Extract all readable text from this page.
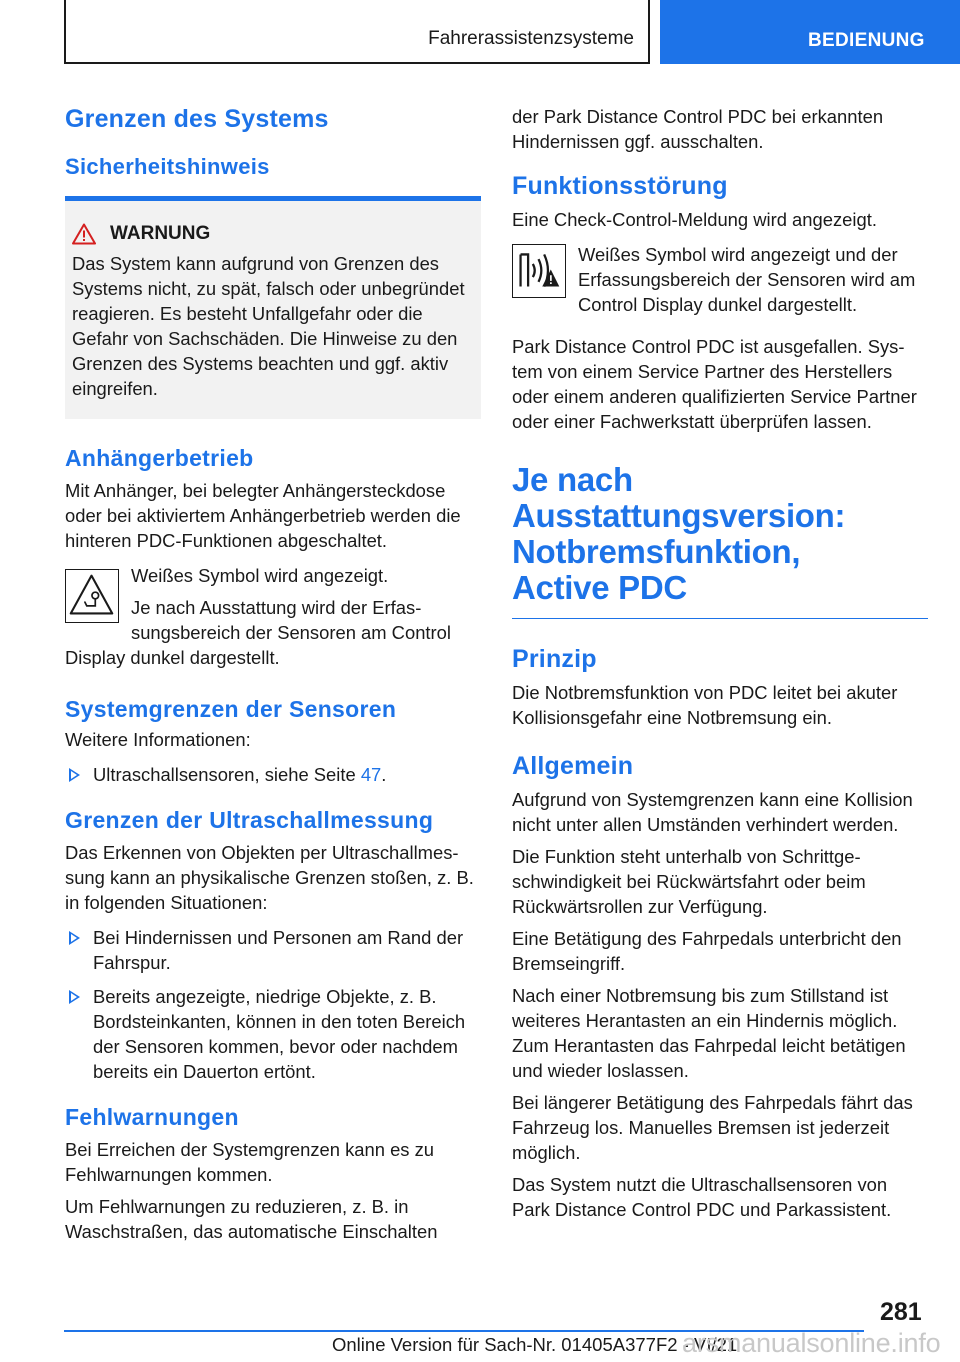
Fahrerassistenzsysteme	BEDIENUNG
Grenzen des Systems
Sicherheitshinweis
WARNUNG

Das System kann aufgrund von Grenzen des Systems nicht, zu spät, falsch oder unbegründet reagieren. Es besteht Unfallgefahr oder die Gefahr von Sachschäden. Die Hinweise zu den Grenzen des Systems beachten und ggf. aktiv eingreifen.

Anhängerbetrieb

Mit Anhänger, bei belegter Anhängersteckdose oder bei aktiviertem Anhängerbetrieb werden die hinteren PDC-Funktionen abgeschaltet.

Weißes Symbol wird angezeigt.
Je nach Ausstattung wird der Erfassungsbereich der Sensoren am Control
Display dunkel dargestellt.
Systemgrenzen der Sensoren

Weitere Informationen:

Ultraschallsensoren, siehe Seite 47.
Grenzen der Ultraschallmessung

Das Erkennen von Objekten per Ultraschallmessung kann an physikalische Grenzen stoßen, z. B. in folgenden Situationen:

Bei Hindernissen und Personen am Rand der Fahrspur.
Bereits angezeigte, niedrige Objekte, z. B. Bordsteinkanten, können in den toten Bereich der Sensoren kommen, bevor oder nachdem bereits ein Dauerton ertönt.
Fehlwarnungen

Bei Erreichen der Systemgrenzen kann es zu Fehlwarnungen kommen.

Um Fehlwarnungen zu reduzieren, z. B. in Waschstraßen, das automatische Einschalten

der Park Distance Control PDC bei erkannten Hindernissen ggf. ausschalten.

Funktionsstörung

Eine Check-Control-Meldung wird angezeigt.

Weißes Symbol wird angezeigt und der Erfassungsbereich der Sensoren wird am Control Display dunkel dargestellt.

Park Distance Control PDC ist ausgefallen. System von einem Service Partner des Herstellers oder einem anderen qualifizierten Service Partner oder einer Fachwerkstatt überprüfen lassen.

Je nach
Ausstattungsversion:
Notbremsfunktion,
Active PDC
Prinzip

Die Notbremsfunktion von PDC leitet bei akuter Kollisionsgefahr eine Notbremsung ein.

Allgemein

Aufgrund von Systemgrenzen kann eine Kollision nicht unter allen Umständen verhindert werden.

Die Funktion steht unterhalb von Schrittgeschwindigkeit bei Rückwärtsfahrt oder beim Rückwärtsrollen zur Verfügung.

Eine Betätigung des Fahrpedals unterbricht den Bremseingriff.

Nach einer Notbremsung bis zum Stillstand ist weiteres Herantasten an ein Hindernis möglich. Zum Herantasten das Fahrpedal leicht betätigen und wieder loslassen.

Bei längerer Betätigung des Fahrpedals fährt das Fahrzeug los. Manuelles Bremsen ist jederzeit möglich.

Das System nutzt die Ultraschallsensoren von Park Distance Control PDC und Parkassistent.

281
Online Version für Sach-Nr. 01405A377F2 - VI/21
arsmanualsonline.info
